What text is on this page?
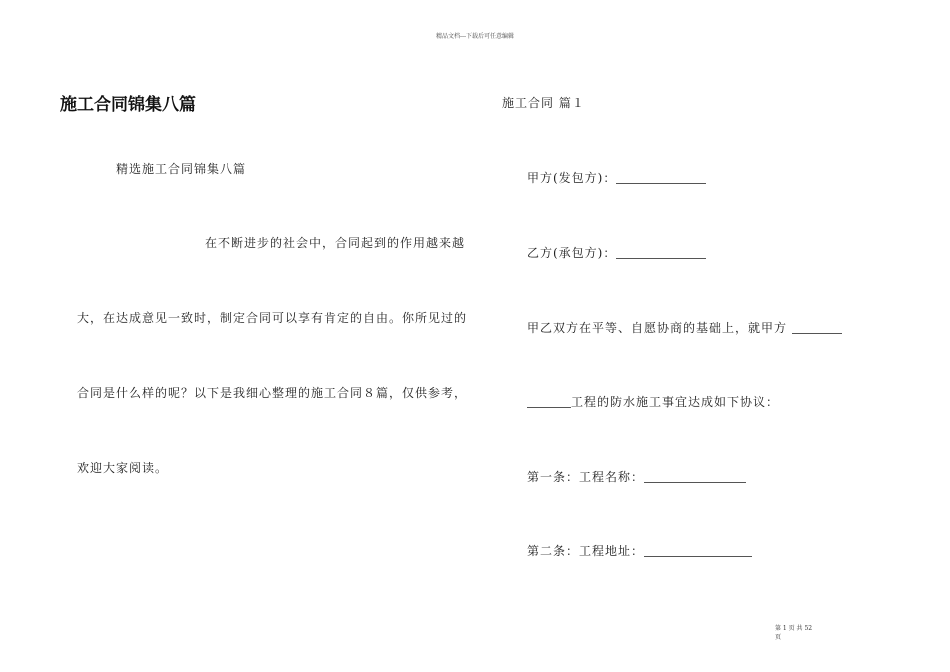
精品文档---下载后可任意编辑
施工合同锦集八篇
精选施工合同锦集八篇
在不断进步的社会中，合同起到的作用越来越
大，在达成意见一致时，制定合同可以享有肯定的自由。你所见过的
合同是什么样的呢？以下是我细心整理的施工合同８篇，仅供参考，
欢迎大家阅读。
施工合同 篇１
甲方(发包方)：
乙方(承包方)：
甲乙双方在平等、自愿协商的基础上，就甲方
工程的防水施工事宜达成如下协议：
第一条：工程名称：
第二条：工程地址：
第 1 页 共 52
页
